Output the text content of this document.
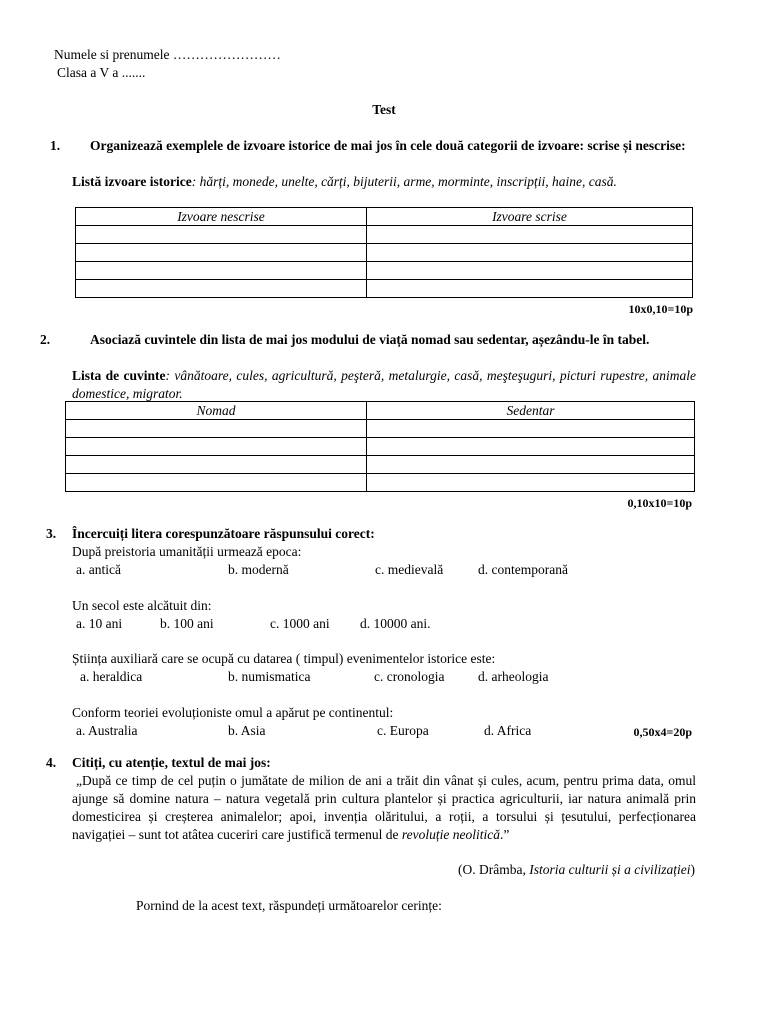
Numele si prenumele ……………………
Clasa a V a .......
Test
1.	Organizează exemplele de izvoare istorice de mai jos în cele două categorii de izvoare: scrise și nescrise:
Listă izvoare istorice: hărți, monede, unelte, cărți, bijuterii, arme, morminte, inscripții, haine, casă.
Izvoare nescrise	Izvoare scrise

10x0,10=10p
2.	Asociază cuvintele din lista de mai jos modului de viață nomad sau sedentar, așezându-le în tabel.
Lista de cuvinte: vânătoare, cules, agricultură, peşteră, metalurgie, casă, meşteşuguri, picturi rupestre, animale domestice, migrator.
Nomad	Sedentar

0,10x10=10p
3. Încercuiți litera corespunzătoare răspunsului corect:
După preistoria umanității urmează epoca:
a. antică	b. modernă	c. medievală	d. contemporană
Un secol este alcătuit din:
a. 10 ani	b. 100 ani	c. 1000 ani d. 10000 ani.
Știința auxiliară care se ocupă cu datarea ( timpul) evenimentelor istorice este:
a. heraldica	b. numismatica	c. cronologia d. arheologia
Conform teoriei evoluționiste omul a apărut pe continentul:
a. Australia	b. Asia	c. Europa	d. Africa	0,50x4=20p
4. Citiți, cu atenție, textul de mai jos:
„După ce timp de cel puțin o jumătate de milion de ani a trăit din vânat și cules, acum, pentru prima data, omul ajunge să domine natura – natura vegetală prin cultura plantelor și practica agriculturii, iar natura animală prin domesticirea și creșterea animalelor; apoi, invenția olăritului, a roții, a torsului și țesutului, perfecționarea navigației – sunt tot atâtea cuceriri care justifică termenul de revoluție neolitică.”
(O. Drâmba, Istoria culturii și a civilizației)
Pornind de la acest text, răspundeți următoarelor cerințe:
